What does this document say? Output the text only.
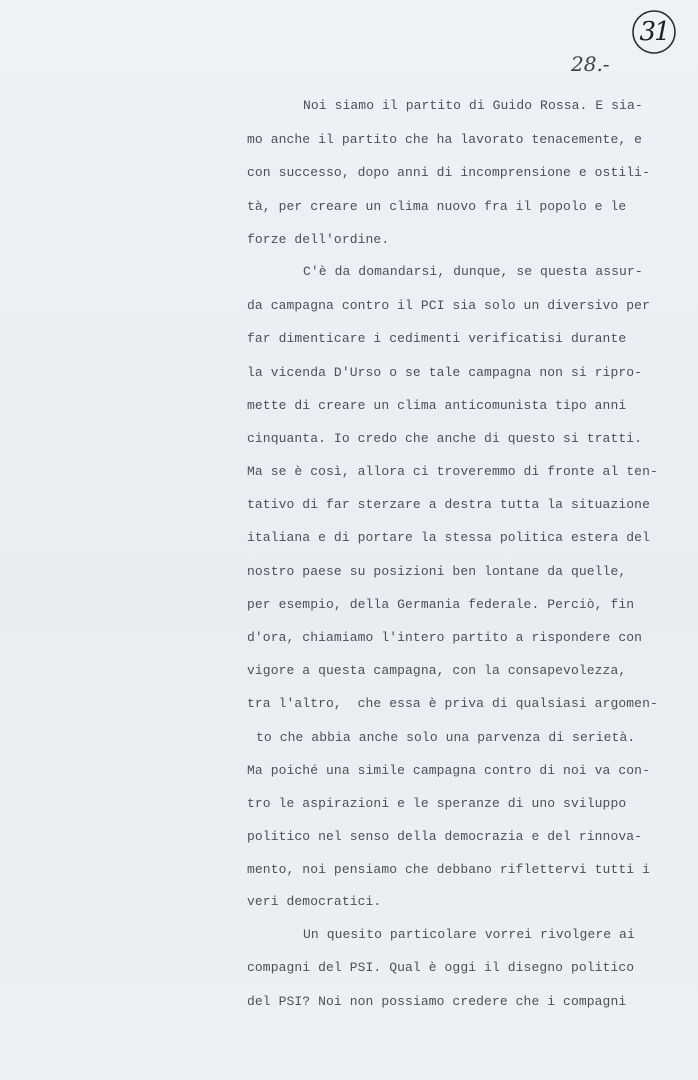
31
28.-
Noi siamo il partito di Guido Rossa. E sia-
mo anche il partito che ha lavorato tenacemente, e
con successo, dopo anni di incomprensione e ostili-
tà, per creare un clima nuovo fra il popolo e le
forze dell'ordine.
C'è da domandarsi, dunque, se questa assur-
da campagna contro il PCI sia solo un diversivo per
far dimenticare i cedimenti verificatisi durante
la vicenda D'Urso o se tale campagna non si ripro-
mette di creare un clima anticomunista tipo anni
cinquanta. Io credo che anche di questo si tratti.
Ma se è così, allora ci troveremmo di fronte al ten-
tativo di far sterzare a destra tutta la situazione
italiana e di portare la stessa politica estera del
nostro paese su posizioni ben lontane da quelle,
per esempio, della Germania federale. Perciò, fin
d'ora, chiamiamo l'intero partito a rispondere con
vigore a questa campagna, con la consapevolezza,
tra l'altro,  che essa è priva di qualsiasi argomen-
to che abbia anche solo una parvenza di serietà.
Ma poiché una simile campagna contro di noi va con-
tro le aspirazioni e le speranze di uno sviluppo
politico nel senso della democrazia e del rinnova-
mento, noi pensiamo che debbano riflettervi tutti i
veri democratici.
Un quesito particolare vorrei rivolgere ai
compagni del PSI. Qual è oggi il disegno politico
del PSI? Noi non possiamo credere che i compagni
